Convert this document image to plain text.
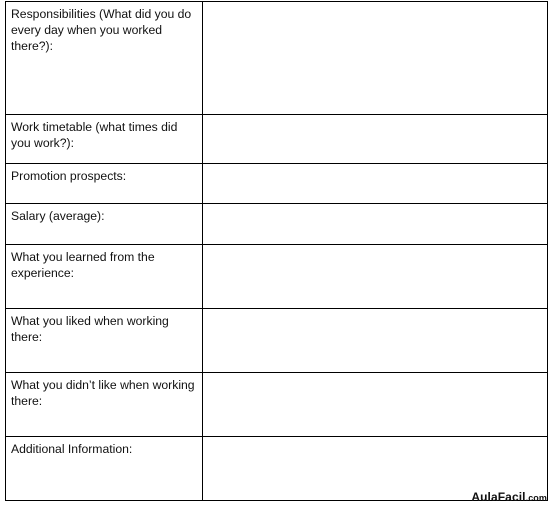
Responsibilities (What did you do
every day when you worked
there?):	

Work timetable (what times did
you work?):	

Promotion prospects:	

Salary (average):	

What you learned from the
experience:	

What you liked when working
there:	

What you didn’t like when working
there:	

Additional Information:	

AulaFacil.com
